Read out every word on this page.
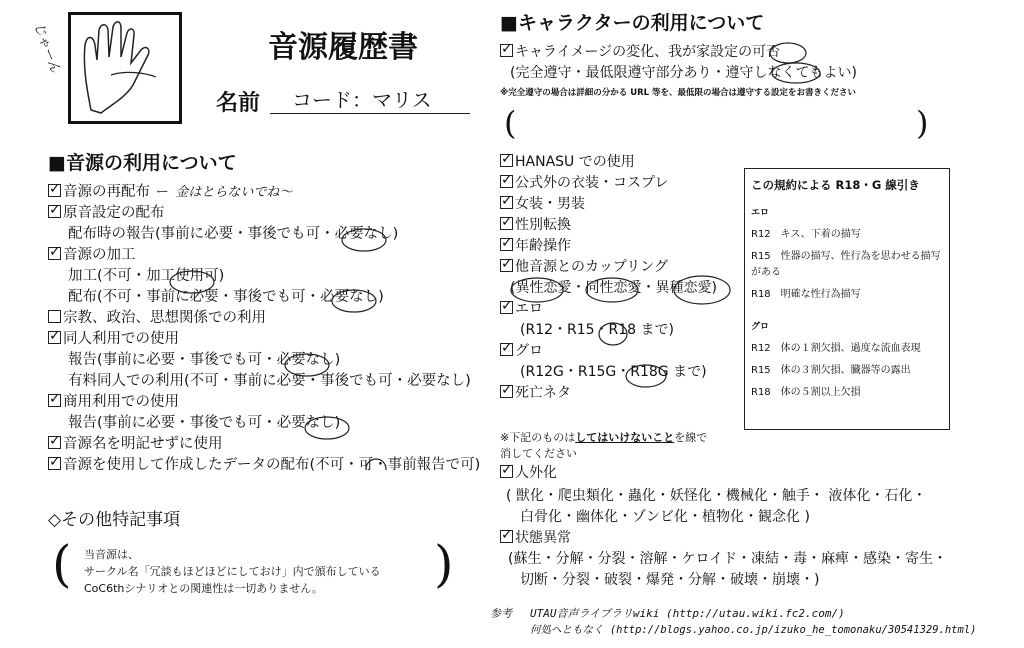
じゃーん	音源履歴書
名前	コード：マリス
■音源の利用について
✓音源の再配布 ー 金はとらないでね〜
✓原音設定の配布
配布時の報告(事前に必要・事後でも可・必要なし)
✓音源の加工
加工(不可・加工使用可)
配布(不可・事前に必要・事後でも可・必要なし)
宗教、政治、思想関係での利用
✓同人利用での使用
報告(事前に必要・事後でも可・必要なし)
有料同人での利用(不可・事前に必要・事後でも可・必要なし)
✓商用利用での使用
報告(事前に必要・事後でも可・必要なし)
✓音源名を明記せずに使用
✓音源を使用して作成したデータの配布(不可・可・事前報告で可)
◇その他特記事項
(	)
当音源は、
サークル名「冗談もほどほどにしておけ」内で頒布している
CoC6thシナリオとの関連性は一切ありません。
■キャラクターの利用について
✓キャライメージの変化、我が家設定の可否
(完全遵守・最低限遵守部分あり・遵守しなくてもよい)
※完全遵守の場合は詳細の分かる URL 等を、最低限の場合は遵守する設定をお書きください
(	)
✓HANASU での使用
✓公式外の衣装・コスプレ
✓女装・男装
✓性別転換
✓年齢操作
✓他音源とのカップリング
(異性恋愛・同性恋愛・異種恋愛)
✓エロ
(R12・R15・R18 まで)
✓グロ
(R12G・R15G・R18G まで)
✓死亡ネタ
この規約による R18・G 線引き
エロ
R12　キス、下着の描写
R15　性器の描写、性行為を思わせる描写がある
R18　明確な性行為描写
グロ
R12　体の１割欠損、過度な流血表現
R15　体の３割欠損、臓器等の露出
R18　体の５割以上欠損
※下記のものはしてはいけないことを線で
消してください
✓人外化
( 獣化・爬虫類化・蟲化・妖怪化・機械化・触手・ 液体化・石化・
白骨化・幽体化・ゾンビ化・植物化・観念化 )
✓状態異常
(蘇生・分解・分裂・溶解・ケロイド・凍結・毒・麻痺・感染・寄生・
切断・分裂・破裂・爆発・分解・破壊・崩壊・)
参考 UTAU音声ライブラリwiki (http://utau.wiki.fc2.com/)
何処へともなく (http://blogs.yahoo.co.jp/izuko_he_tomonaku/30541329.html)
